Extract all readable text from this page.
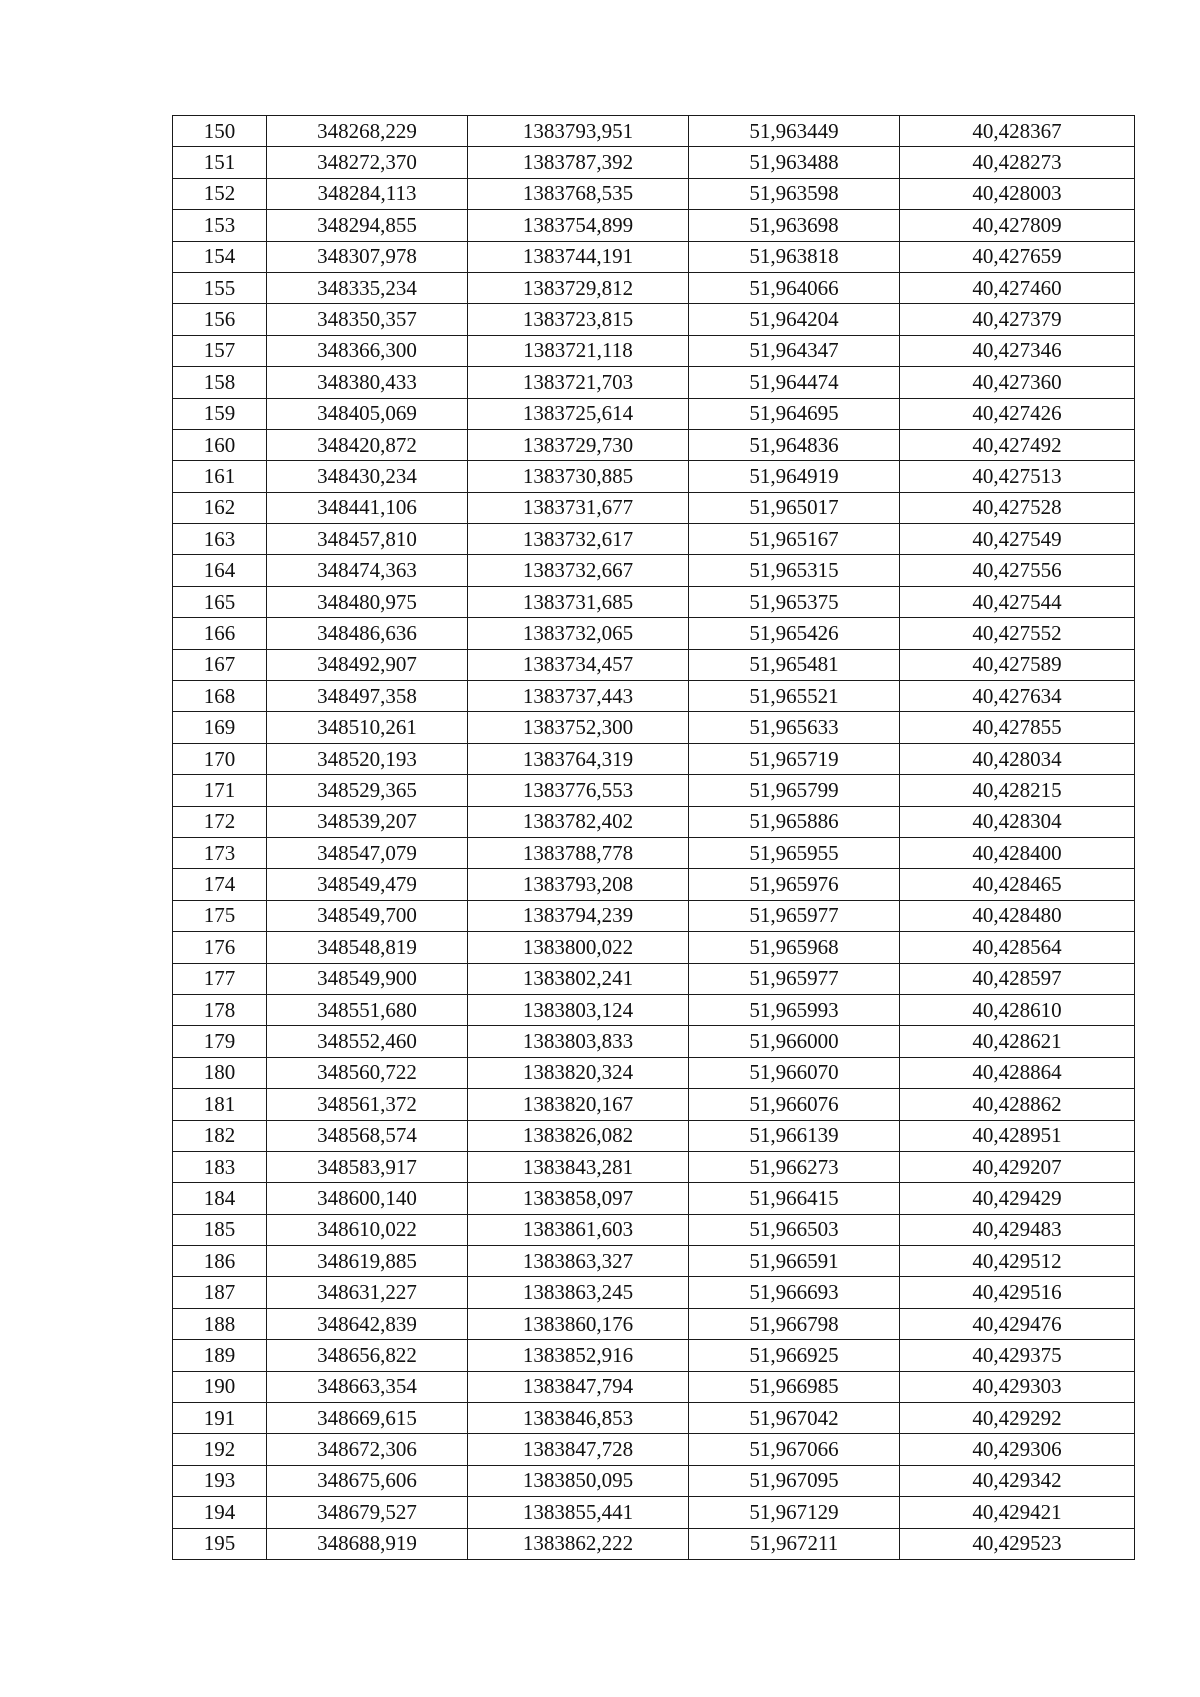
150	348268,229	1383793,951	51,963449	40,428367
151	348272,370	1383787,392	51,963488	40,428273
152	348284,113	1383768,535	51,963598	40,428003
153	348294,855	1383754,899	51,963698	40,427809
154	348307,978	1383744,191	51,963818	40,427659
155	348335,234	1383729,812	51,964066	40,427460
156	348350,357	1383723,815	51,964204	40,427379
157	348366,300	1383721,118	51,964347	40,427346
158	348380,433	1383721,703	51,964474	40,427360
159	348405,069	1383725,614	51,964695	40,427426
160	348420,872	1383729,730	51,964836	40,427492
161	348430,234	1383730,885	51,964919	40,427513
162	348441,106	1383731,677	51,965017	40,427528
163	348457,810	1383732,617	51,965167	40,427549
164	348474,363	1383732,667	51,965315	40,427556
165	348480,975	1383731,685	51,965375	40,427544
166	348486,636	1383732,065	51,965426	40,427552
167	348492,907	1383734,457	51,965481	40,427589
168	348497,358	1383737,443	51,965521	40,427634
169	348510,261	1383752,300	51,965633	40,427855
170	348520,193	1383764,319	51,965719	40,428034
171	348529,365	1383776,553	51,965799	40,428215
172	348539,207	1383782,402	51,965886	40,428304
173	348547,079	1383788,778	51,965955	40,428400
174	348549,479	1383793,208	51,965976	40,428465
175	348549,700	1383794,239	51,965977	40,428480
176	348548,819	1383800,022	51,965968	40,428564
177	348549,900	1383802,241	51,965977	40,428597
178	348551,680	1383803,124	51,965993	40,428610
179	348552,460	1383803,833	51,966000	40,428621
180	348560,722	1383820,324	51,966070	40,428864
181	348561,372	1383820,167	51,966076	40,428862
182	348568,574	1383826,082	51,966139	40,428951
183	348583,917	1383843,281	51,966273	40,429207
184	348600,140	1383858,097	51,966415	40,429429
185	348610,022	1383861,603	51,966503	40,429483
186	348619,885	1383863,327	51,966591	40,429512
187	348631,227	1383863,245	51,966693	40,429516
188	348642,839	1383860,176	51,966798	40,429476
189	348656,822	1383852,916	51,966925	40,429375
190	348663,354	1383847,794	51,966985	40,429303
191	348669,615	1383846,853	51,967042	40,429292
192	348672,306	1383847,728	51,967066	40,429306
193	348675,606	1383850,095	51,967095	40,429342
194	348679,527	1383855,441	51,967129	40,429421
195	348688,919	1383862,222	51,967211	40,429523
